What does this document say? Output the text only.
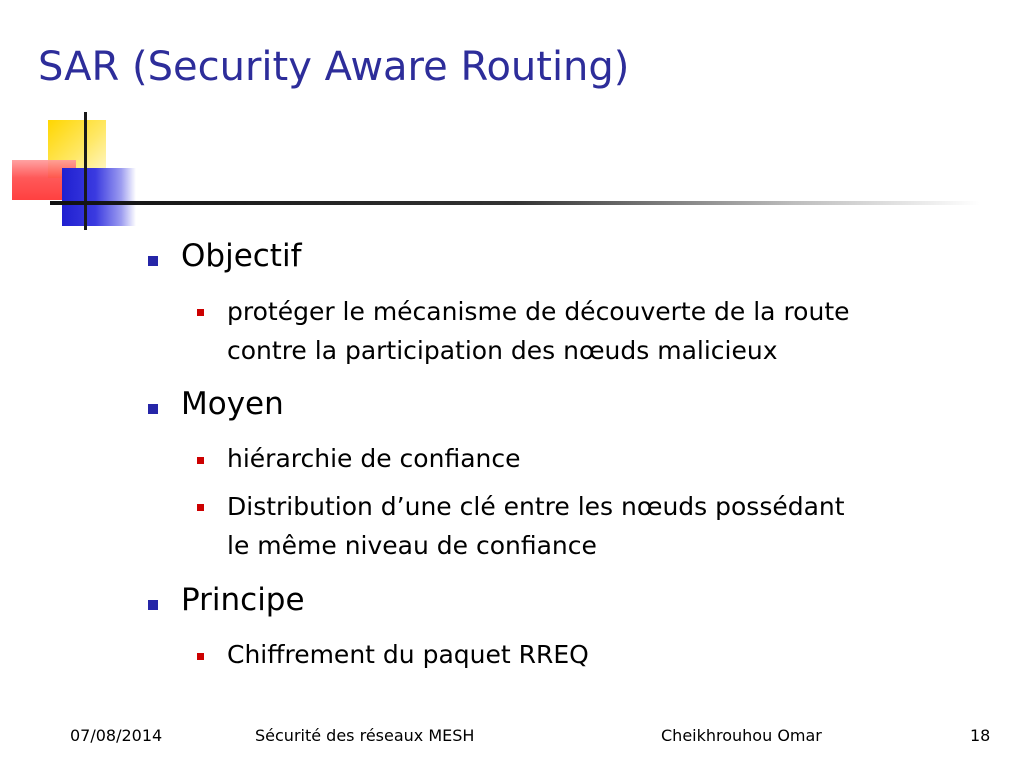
SAR (Security Aware Routing)
Objectif
protéger le mécanisme de découverte de la route
contre la participation des nœuds malicieux
Moyen
hiérarchie de confiance
Distribution d’une clé entre les nœuds possédant
le même niveau de confiance
Principe
Chiffrement du paquet RREQ
07/08/2014	Sécurité des réseaux MESH	Cheikhrouhou Omar	18
